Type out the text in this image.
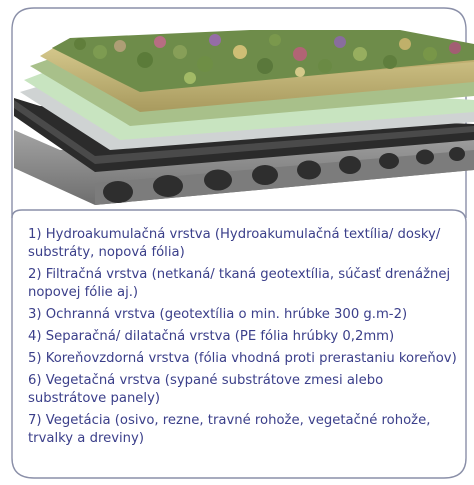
1) Hydroakumulačná vrstva (Hydroakumulačná textília/ dosky/ substráty, nopová fólia)
2) Filtračná vrstva (netkaná/ tkaná geotextília, súčasť drenážnej nopovej fólie aj.)
3) Ochranná vrstva (geotextília o min. hrúbke 300 g.m-2)
4) Separačná/ dilatačná vrstva (PE fólia hrúbky 0,2mm)
5) Koreňovzdorná vrstva (fólia vhodná proti prerastaniu koreňov)
6) Vegetačná vrstva (sypané substrátove zmesi alebo substrátove panely)
7) Vegetácia (osivo, rezne, travné rohože, vegetačné rohože, trvalky a dreviny)
